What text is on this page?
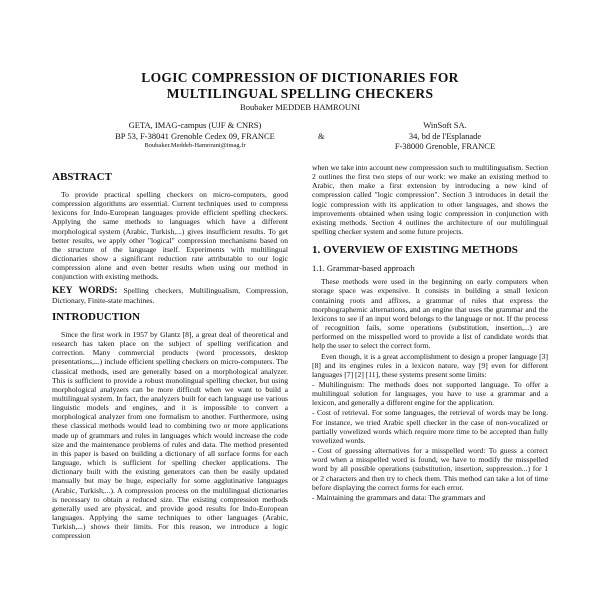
LOGIC COMPRESSION OF DICTIONARIES FOR
MULTILINGUAL SPELLING CHECKERS
Boubaker MEDDEB HAMROUNI
GETA, IMAG-campus (UJF & CNRS)
BP 53, F-38041 Grenoble Cedex 09, FRANCE
Boubaker.Meddeb-Hamrouni@imag.fr
&
WinSoft SA.
34, bd de l'Esplanade
F-38000 Grenoble, FRANCE
ABSTRACT

To provide practical spelling checkers on micro-computers, good compression algorithms are essential. Current techniques used to compress lexicons for Indo-European languages provide efficient spelling checkers. Applying the same methods to languages which have a different morphological system (Arabic, Turkish,...) gives insufficient results. To get better results, we apply other "logical" compression mechanisms based on the structure of the language itself. Experiments with multilingual dictionaries show a significant reduction rate attributable to our logic compression alone and even better results when using our method in conjunction with existing methods.

KEY WORDS: Spelling checkers, Multilingualism, Compression, Dictionary, Finite-state machines.
INTRODUCTION

Since the first work in 1957 by Glantz [8], a great deal of theoretical and research has taken place on the subject of spelling verification and correction. Many commercial products (word processors, desktop presentations,...) include efficient spelling checkers on micro-computers. The classical methods, used are generally based on a morphological analyzer. This is sufficient to provide a robust monolingual spelling checker, but using morphological analyzers can be more difficult when we want to build a multilingual system. In fact, the analyzers built for each language use various linguistic models and engines, and it is impossible to convert a morphological analyzer from one formalism to another. Furthermore, using these classical methods would lead to combining two or more applications made up of grammars and rules in languages which would increase the code size and the maintenance problems of rules and data. The method presented in this paper is based on building a dictionary of all surface forms for each language, which is sufficient for spelling checker applications. The dictionary built with the existing generators can then be easily updated manually but may be huge, especially for some agglutinative languages (Arabic, Turkish,...). A compression process on the multilingual dictionaries is necessary to obtain a reduced size. The existing compression methods generally used are physical, and provide good results for Indo-European languages. Applying the same techniques to other languages (Arabic, Turkish,...) shows their limits. For this reason, we introduce a logic compression

when we take into account new compression such to multilingualism. Section 2 outlines the first two steps of our work: we make an existing method to Arabic, then make a first extension by introducing a new kind of compression called "logic compression". Section 3 introduces in detail the logic compression with its application to other languages, and shows the improvements obtained when using logic compression in conjunction with existing methods. Section 4 outlines the architecture of our multilingual spelling checker system and some future projects.

1. OVERVIEW OF EXISTING METHODS
1.1. Grammar-based approach

These methods were used in the beginning on early computers when storage space was expensive. It consists in building a small lexicon containing roots and affixes, a grammar of rules that express the morphographemic alternations, and an engine that uses the grammar and the lexicons to see if an input word belongs to the language or not. If the process of recognition fails, some operations (substitution, insertion,...) are performed on the misspelled word to provide a list of candidate words that help the user to select the correct form.

Even though, it is a great accomplishment to design a proper language [3] [8] and its engines rules in a lexicon nature, way [9] even for different languages [7] [2] [11], these systems present some limits:

- Multilinguism: The methods does not supported language. To offer a multilingual solution for languages, you have to use a grammar and a lexicon, and generally a different engine for the application.

- Cost of retrieval. For some languages, the retrieval of words may be long. For instance, we tried Arabic spell checker in the case of non-vocalized or partially vowelized words which require more time to be accepted than fully vowelized words.

- Cost of guessing alternatives for a misspelled word: To guess a correct word when a misspelled word is found, we have to modify the misspelled word by all possible operations (substitution, insertion, suppression...) for 1 or 2 characters and then try to check them. This method can take a lot of time before displaying the correct forms for each error.

- Maintaining the grammars and data: The grammars and
